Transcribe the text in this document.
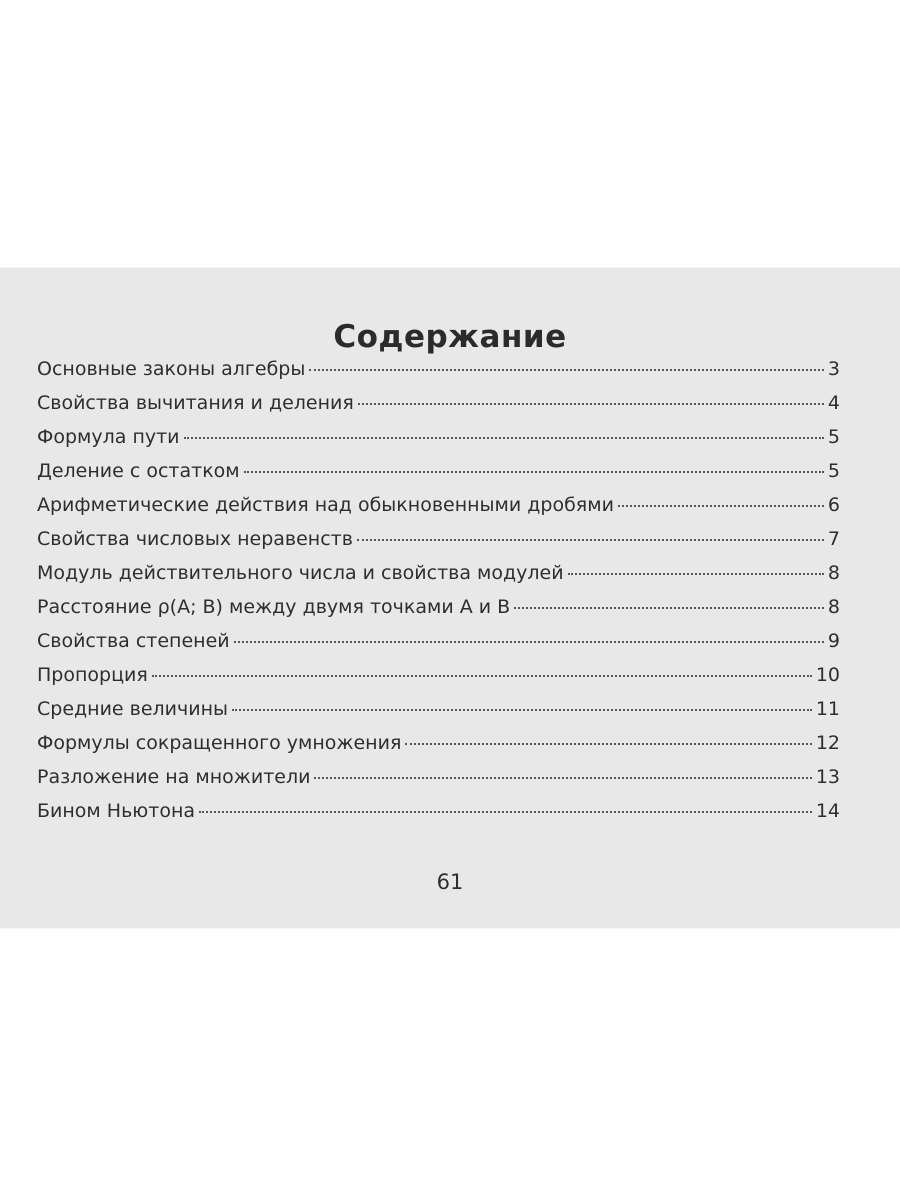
Содержание
Основные законы алгебры	3
Свойства вычитания и деления	4
Формула пути	5
Деление с остатком	5
Арифметические действия над обыкновенными дробями	6
Свойства числовых неравенств	7
Модуль действительного числа и свойства модулей	8
Расстояние ρ(A; B) между двумя точками A и B	8
Свойства степеней	9
Пропорция	10
Средние величины	11
Формулы сокращенного умножения	12
Разложение на множители	13
Бином Ньютона	14
61
